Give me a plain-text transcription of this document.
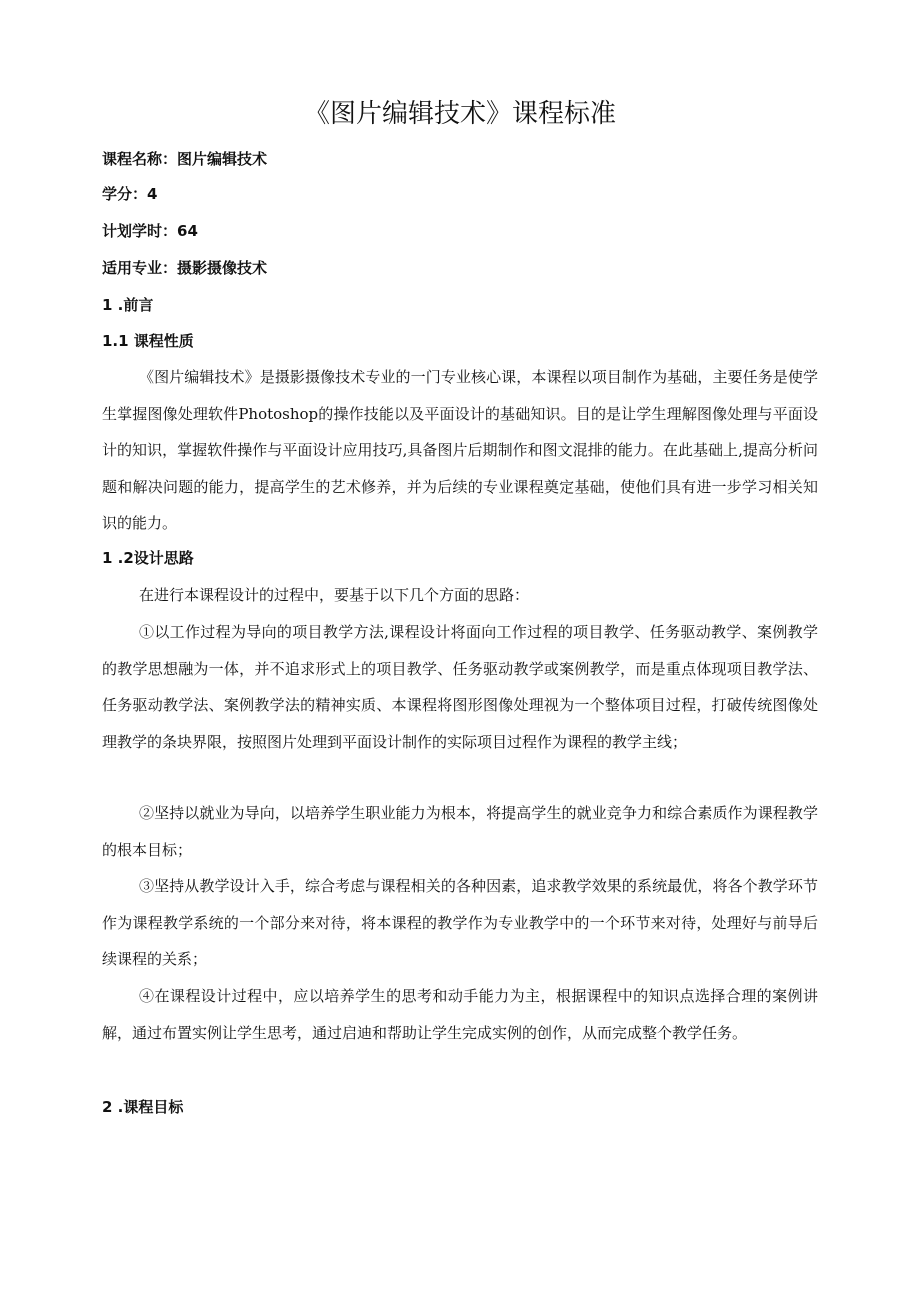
《图片编辑技术》课程标准
课程名称：图片编辑技术
学分：4
计划学时：64
适用专业：摄影摄像技术
1 .前言
1.1 课程性质

《图片编辑技术》是摄影摄像技术专业的一门专业核心课，本课程以项目制作为基础，主要任务是使学生掌握图像处理软件Photoshop的操作技能以及平面设计的基础知识。目的是让学生理解图像处理与平面设计的知识，掌握软件操作与平面设计应用技巧,具备图片后期制作和图文混排的能力。在此基础上,提高分析问题和解决问题的能力，提高学生的艺术修养，并为后续的专业课程奠定基础，使他们具有进一步学习相关知识的能力。

1 .2设计思路

在进行本课程设计的过程中，要基于以下几个方面的思路：

①以工作过程为导向的项目教学方法,课程设计将面向工作过程的项目教学、任务驱动教学、案例教学的教学思想融为一体，并不追求形式上的项目教学、任务驱动教学或案例教学，而是重点体现项目教学法、任务驱动教学法、案例教学法的精神实质、本课程将图形图像处理视为一个整体项目过程，打破传统图像处理教学的条块界限，按照图片处理到平面设计制作的实际项目过程作为课程的教学主线；

②坚持以就业为导向，以培养学生职业能力为根本，将提高学生的就业竞争力和综合素质作为课程教学的根本目标；

③坚持从教学设计入手，综合考虑与课程相关的各种因素，追求教学效果的系统最优，将各个教学环节作为课程教学系统的一个部分来对待，将本课程的教学作为专业教学中的一个环节来对待，处理好与前导后续课程的关系；

④在课程设计过程中，应以培养学生的思考和动手能力为主，根据课程中的知识点选择合理的案例讲解，通过布置实例让学生思考，通过启迪和帮助让学生完成实例的创作，从而完成整个教学任务。

2 .课程目标
